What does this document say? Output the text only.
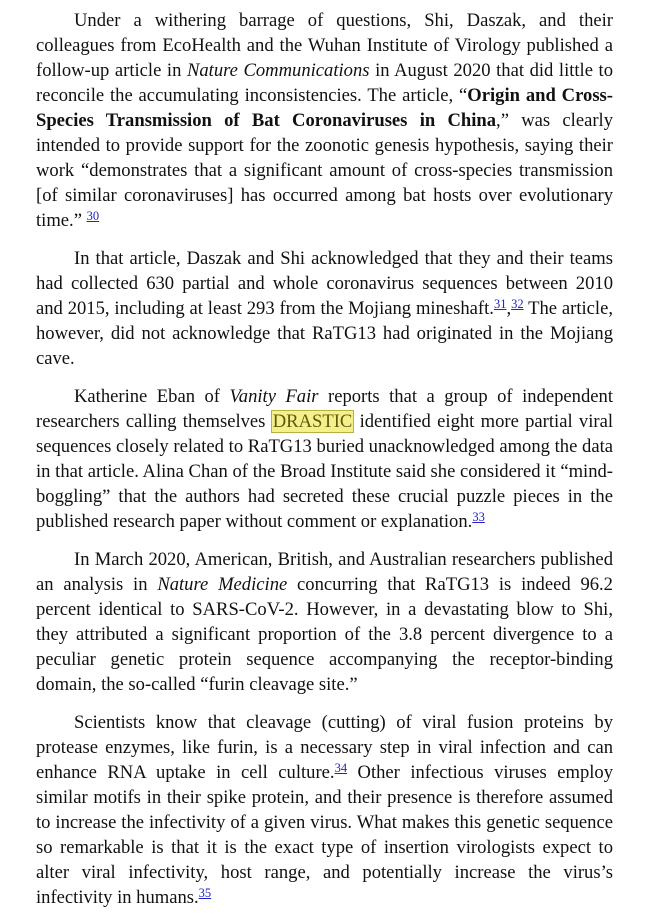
Under a withering barrage of questions, Shi, Daszak, and their colleagues from EcoHealth and the Wuhan Institute of Virology published a follow-up article in Nature Communications in August 2020 that did little to reconcile the accumulating inconsistencies. The article, “Origin and Cross-Species Transmission of Bat Coronaviruses in China,” was clearly intended to provide support for the zoonotic genesis hypothesis, saying their work “demonstrates that a significant amount of cross-species transmission [of similar coronaviruses] has occurred among bat hosts over evolutionary time.” $^{30}$

In that article, Daszak and Shi acknowledged that they and their teams had collected 630 partial and whole coronavirus sequences between 2010 and 2015, including at least 293 from the Mojiang mineshaft.$^{31}$,$^{32}$ The article, however, did not acknowledge that RaTG13 had originated in the Mojiang cave.

Katherine Eban of Vanity Fair reports that a group of independent researchers calling themselves DRASTIC identified eight more partial viral sequences closely related to RaTG13 buried unacknowledged among the data in that article. Alina Chan of the Broad Institute said she considered it “mind-boggling” that the authors had secreted these crucial puzzle pieces in the published research paper without comment or explanation.$^{33}$

In March 2020, American, British, and Australian researchers published an analysis in Nature Medicine concurring that RaTG13 is indeed 96.2 percent identical to SARS-CoV-2. However, in a devastating blow to Shi, they attributed a significant proportion of the 3.8 percent divergence to a peculiar genetic protein sequence accompanying the receptor-binding domain, the so-called “furin cleavage site.”

Scientists know that cleavage (cutting) of viral fusion proteins by protease enzymes, like furin, is a necessary step in viral infection and can enhance RNA uptake in cell culture.$^{34}$ Other infectious viruses employ similar motifs in their spike protein, and their presence is therefore assumed to increase the infectivity of a given virus. What makes this genetic sequence so remarkable is that it is the exact type of insertion virologists expect to alter viral infectivity, host range, and potentially increase the virus’s infectivity in humans.$^{35}$
